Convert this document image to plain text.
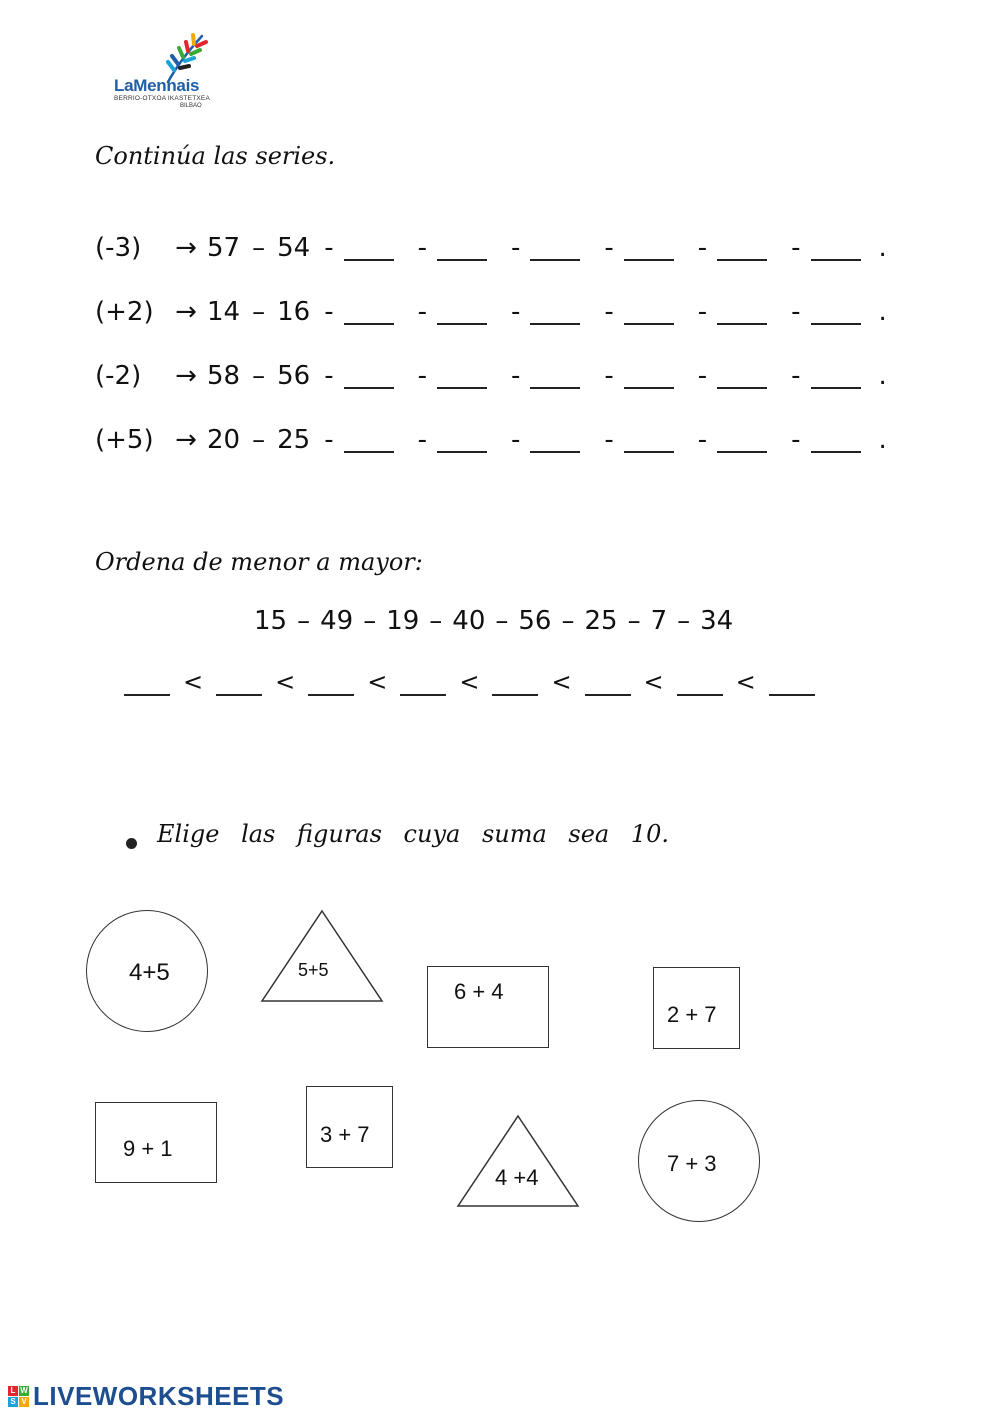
LaMennais
BERRIO-OTXOA IKASTETXEA
BILBAO
Continúa las series.
(-3)	→ 57 – 54 -	-	-	-	-	-	.
(+2) → 14 – 16 -	-	-	-	-	-	.
(-2)	→ 58 – 56 -	-	-	-	-	-	.
(+5) → 20 – 25 -	-	-	-	-	-	.
Ordena de menor a mayor:
15 – 49 – 19 – 40 – 56 – 25 – 7 – 34
<	<	<	<	<	<	<
Elige las figuras cuya suma sea 10.
4+5	5+5
6 + 4
2 + 7
9 + 1
3 + 7
4 +4
7 + 3
L W
S V LIVEWORKSHEETS
